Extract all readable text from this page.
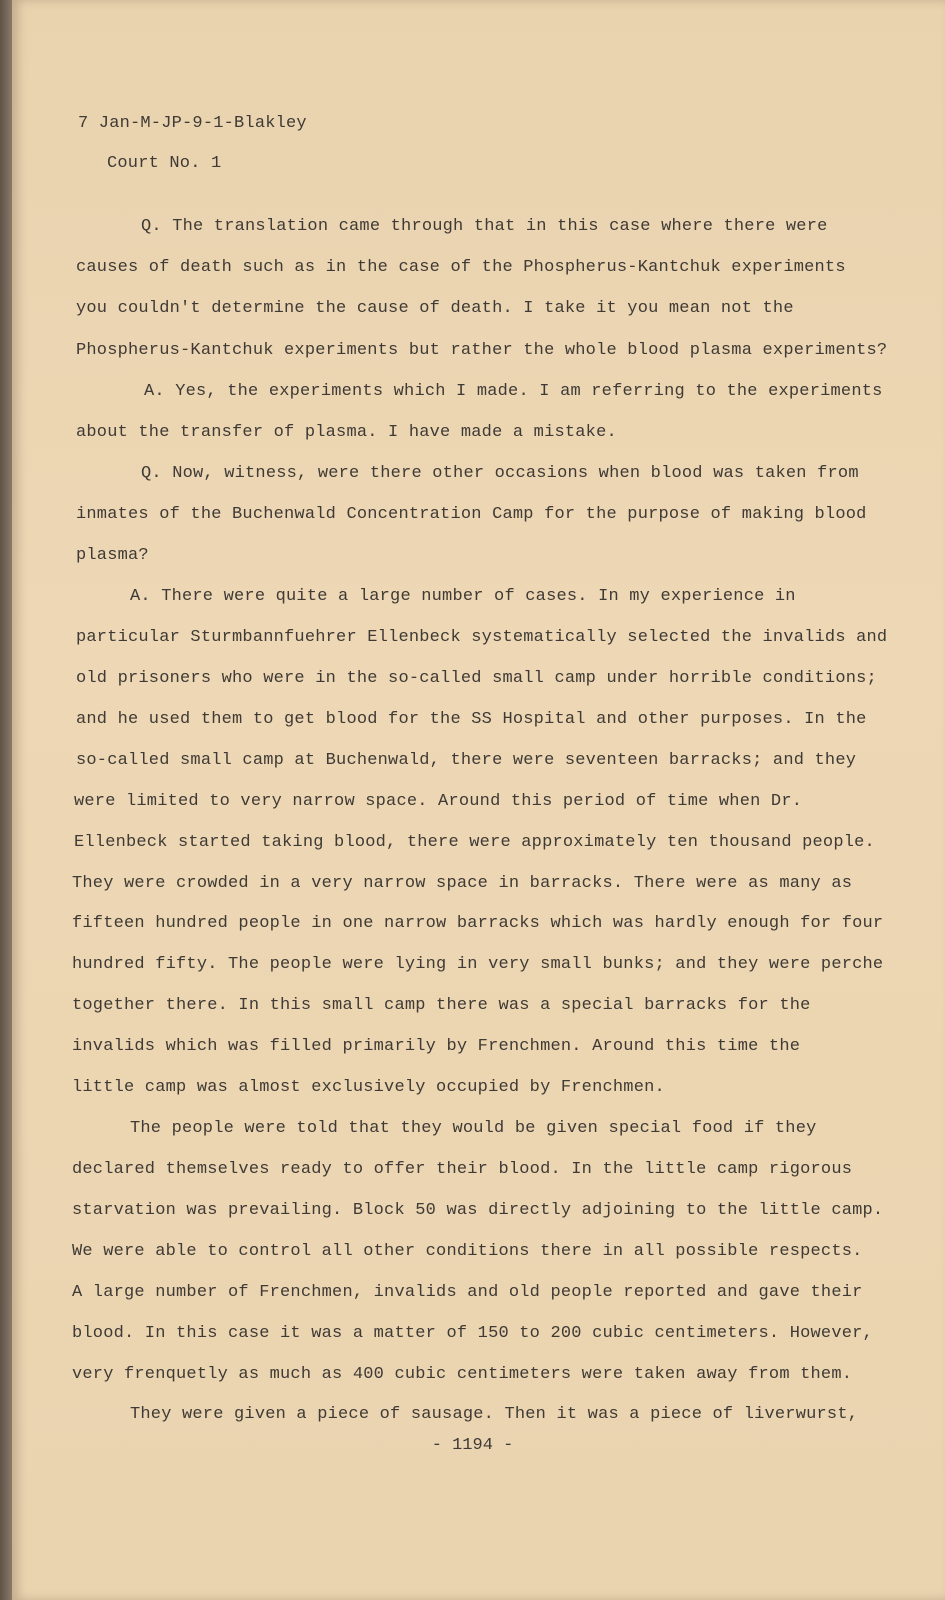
7 Jan-M-JP-9-1-Blakley
Court No. 1
Q. The translation came through that in this case where there were
causes of death such as in the case of the Phospherus-Kantchuk experiments
you couldn't determine the cause of death. I take it you mean not the
Phospherus-Kantchuk experiments but rather the whole blood plasma experiments?
A. Yes, the experiments which I made. I am referring to the experiments
about the transfer of plasma. I have made a mistake.
Q. Now, witness, were there other occasions when blood was taken from
inmates of the Buchenwald Concentration Camp for the purpose of making blood
plasma?
A. There were quite a large number of cases. In my experience in
particular Sturmbannfuehrer Ellenbeck systematically selected the invalids and
old prisoners who were in the so-called small camp under horrible conditions;
and he used them to get blood for the SS Hospital and other purposes. In the
so-called small camp at Buchenwald, there were seventeen barracks; and they
were limited to very narrow space. Around this period of time when Dr.
Ellenbeck started taking blood, there were approximately ten thousand people.
They were crowded in a very narrow space in barracks. There were as many as
fifteen hundred people in one narrow barracks which was hardly enough for four
hundred fifty. The people were lying in very small bunks; and they were perche
together there. In this small camp there was a special barracks for the
invalids which was filled primarily by Frenchmen. Around this time the
little camp was almost exclusively occupied by Frenchmen.
The people were told that they would be given special food if they
declared themselves ready to offer their blood. In the little camp rigorous
starvation was prevailing. Block 50 was directly adjoining to the little camp.
We were able to control all other conditions there in all possible respects.
A large number of Frenchmen, invalids and old people reported and gave their
blood. In this case it was a matter of 150 to 200 cubic centimeters. However,
very frenquetly as much as 400 cubic centimeters were taken away from them.
They were given a piece of sausage. Then it was a piece of liverwurst,
- 1194 -
